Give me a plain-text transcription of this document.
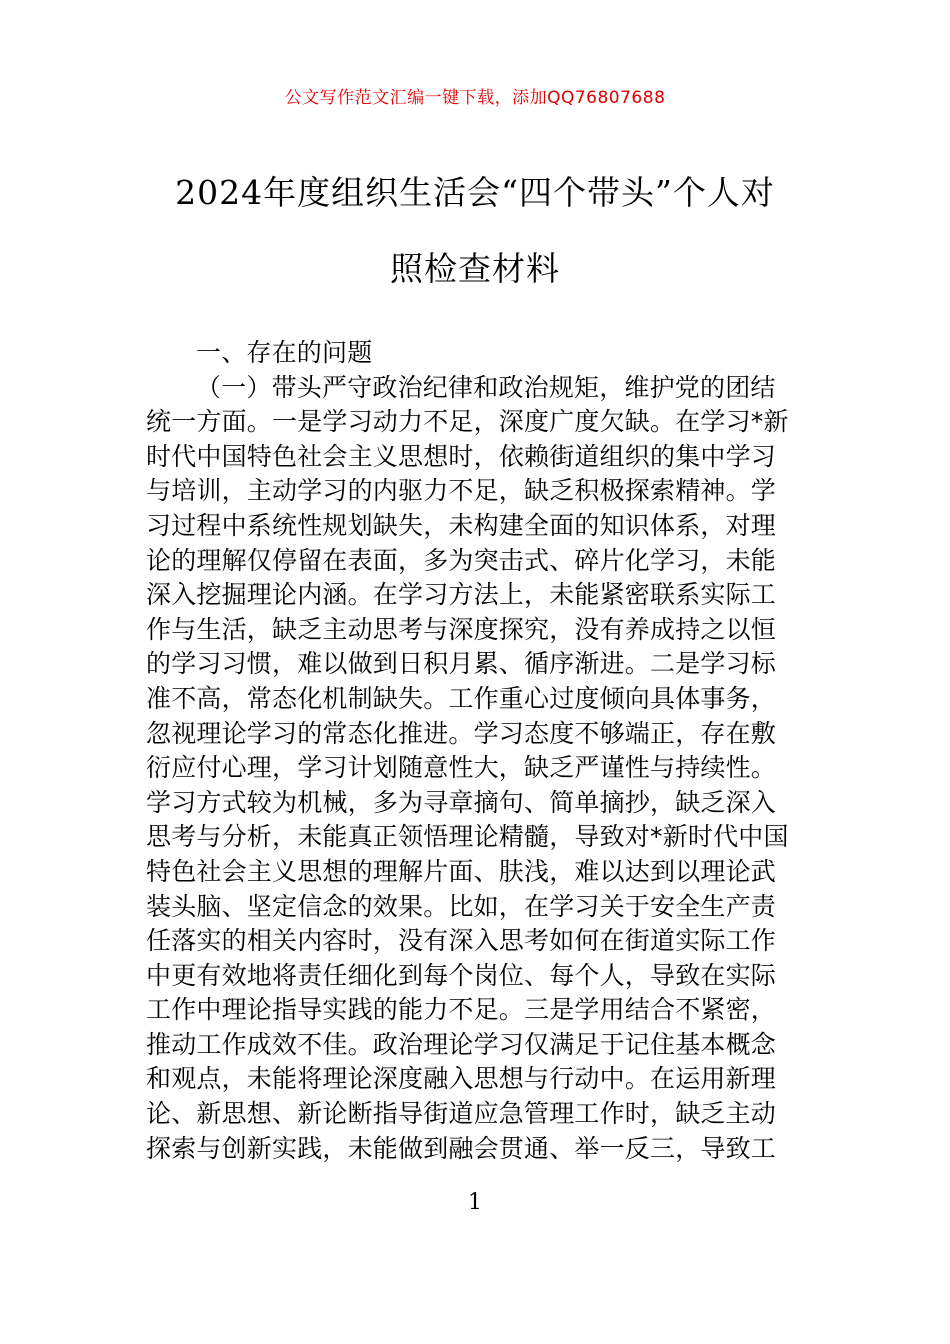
公文写作范文汇编一键下载，添加QQ76807688
2024年度组织生活会“四个带头”个人对
照检查材料
一、存在的问题
（一）带头严守政治纪律和政治规矩，维护党的团结
统一方面。一是学习动力不足，深度广度欠缺。在学习*新
时代中国特色社会主义思想时，依赖街道组织的集中学习
与培训，主动学习的内驱力不足，缺乏积极探索精神。学
习过程中系统性规划缺失，未构建全面的知识体系，对理
论的理解仅停留在表面，多为突击式、碎片化学习，未能
深入挖掘理论内涵。在学习方法上，未能紧密联系实际工
作与生活，缺乏主动思考与深度探究，没有养成持之以恒
的学习习惯，难以做到日积月累、循序渐进。二是学习标
准不高，常态化机制缺失。工作重心过度倾向具体事务，
忽视理论学习的常态化推进。学习态度不够端正，存在敷
衍应付心理，学习计划随意性大，缺乏严谨性与持续性。
学习方式较为机械，多为寻章摘句、简单摘抄，缺乏深入
思考与分析，未能真正领悟理论精髓，导致对*新时代中国
特色社会主义思想的理解片面、肤浅，难以达到以理论武
装头脑、坚定信念的效果。比如，在学习关于安全生产责
任落实的相关内容时，没有深入思考如何在街道实际工作
中更有效地将责任细化到每个岗位、每个人，导致在实际
工作中理论指导实践的能力不足。三是学用结合不紧密，
推动工作成效不佳。政治理论学习仅满足于记住基本概念
和观点，未能将理论深度融入思想与行动中。在运用新理
论、新思想、新论断指导街道应急管理工作时，缺乏主动
探索与创新实践，未能做到融会贯通、举一反三，导致工
1
